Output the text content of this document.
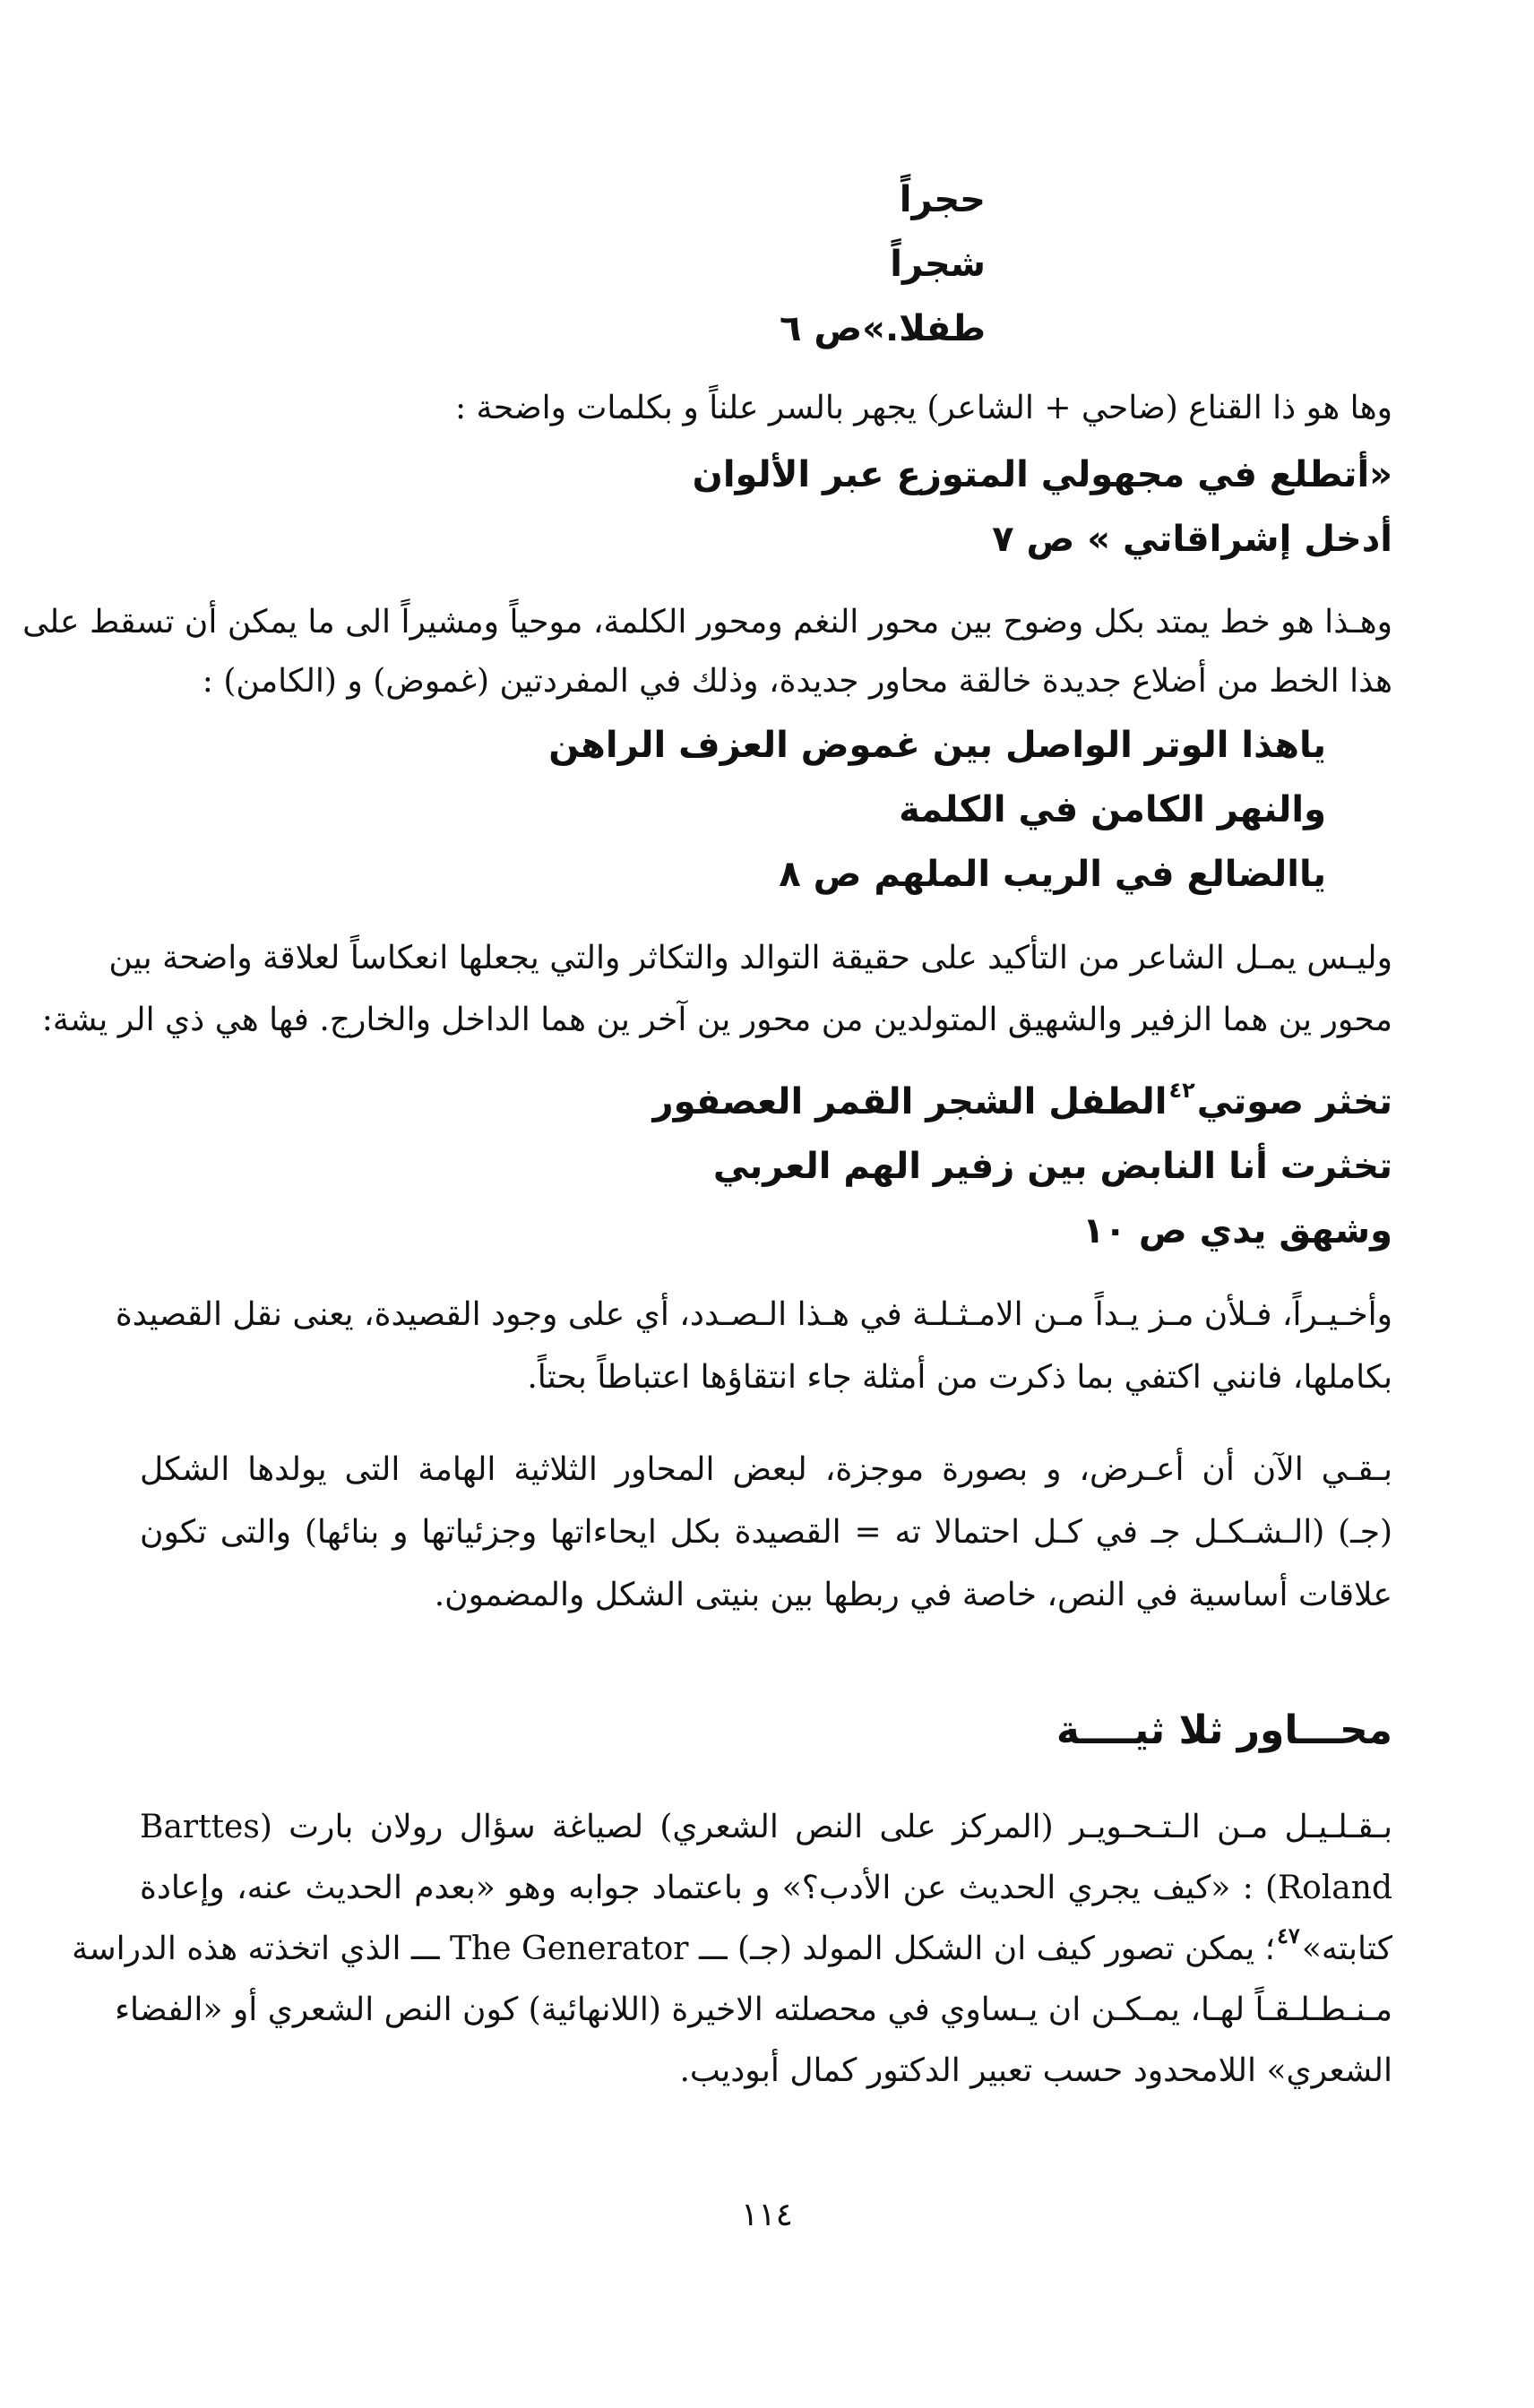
حجراً
شجراً
طفلا.»ص ٦
وها هو ذا القناع (ضاحي + الشاعر) يجهر بالسر علناً و بكلمات واضحة :
«أتطلع في مجهولي المتوزع عبر الألوان
أدخل إشراقاتي » ص ٧
وهـذا هو خط يمتد بكل وضوح بين محور النغم ومحور الكلمة، موحياً ومشيراً الى ما يمكن أن تسقط على
هذا الخط من أضلاع جديدة خالقة محاور جديدة، وذلك في المفردتين (غموض) و (الكامن) :
ياهذا الوتر الواصل بين غموض العزف الراهن
والنهر الكامن في الكلمة
ياالضالع في الريب الملهم ص ٨
وليـس يمـل الشاعر من التأكيد على حقيقة التوالد والتكاثر والتي يجعلها انعكاساً لعلاقة واضحة بين
محور ين هما الزفير والشهيق المتولدين من محور ين آخر ين هما الداخل والخارج. فها هي ذي الر يشة:
تخثر صوتي$^{٤٢}$الطفل الشجر القمر العصفور
تخثرت أنا النابض بين زفير الهم العربي
وشهق يدي ص ١٠
وأخـيـراً، فـلأن مـز يـداً مـن الامـثـلـة في هـذا الـصـدد، أي على وجود القصيدة، يعنى نقل القصيدة
بكاملها، فانني اكتفي بما ذكرت من أمثلة جاء انتقاؤها اعتباطاً بحتاً.
بـقـي الآن أن أعـرض، و بصورة موجزة، لبعض المحاور الثلاثية الهامة التى يولدها الشكل
(جـ) (الـشـكـل جـ في كـل احتمالا ته = القصيدة بكل ايحاءاتها وجزئياتها و بنائها) والتى تكون
علاقات أساسية في النص، خاصة في ربطها بين بنيتى الشكل والمضمون.
محـــاور ثلا ثيــــة
بـقـلـيـل مـن الـتـحـويـر (المركز على النص الشعري) لصياغة سؤال رولان بارت (Barttes
Roland) : «كيف يجري الحديث عن الأدب؟» و باعتماد جوابه وهو «بعدم الحديث عنه، وإعادة
كتابته»$^{٤٧}$؛ يمكن تصور كيف ان الشكل المولد (جـ) ـــ The Generator ـــ الذي اتخذته هذه الدراسة
مـنـطـلـقـاً لهـا، يمـكـن ان يـساوي في محصلته الاخيرة (اللانهائية) كون النص الشعري أو «الفضاء
الشعري» اللامحدود حسب تعبير الدكتور كمال أبوديب.
١١٤
